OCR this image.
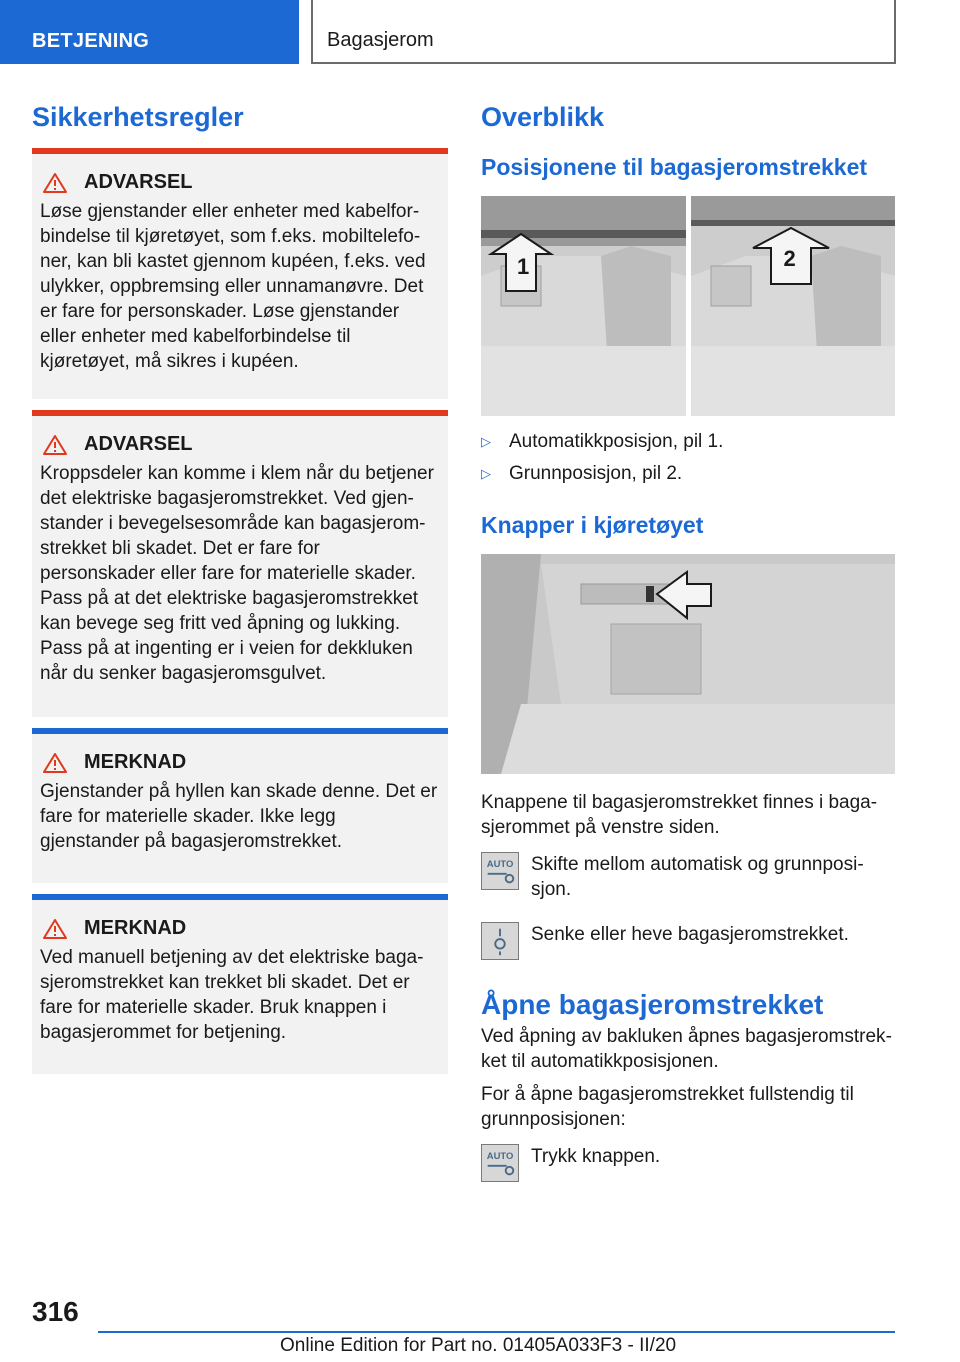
BETJENING	Bagasjerom
Sikkerhetsregler
ADVARSEL
Løse gjenstander eller enheter med kabelforbindelse til kjøretøyet, som f.eks. mobiltelefoner, kan bli kastet gjennom kupéen, f.eks. ved ulykker, oppbremsing eller unnamanøvre. Det er fare for personskader. Løse gjenstander eller enheter med kabelforbindelse til kjøretøyet, må sikres i kupéen.
ADVARSEL
Kroppsdeler kan komme i klem når du betjener det elektriske bagasjeromstrekket. Ved gjenstander i bevegelsesområde kan bagasjeromstrekket bli skadet. Det er fare for personskader eller fare for materielle skader. Pass på at det elektriske bagasjeromstrekket kan bevege seg fritt ved åpning og lukking. Pass på at ingenting er i veien for dekkluken når du senker bagasjeromsgulvet.
MERKNAD
Gjenstander på hyllen kan skade denne. Det er fare for materielle skader. Ikke legg gjenstander på bagasjeromstrekket.
MERKNAD
Ved manuell betjening av det elektriske bagasjeromstrekket kan trekket bli skadet. Det er fare for materielle skader. Bruk knappen i bagasjerommet for betjening.
Overblikk
Posisjonene til bagasjeromstrekket
1	2
▷ Automatikkposisjon, pil 1.
▷ Grunnposisjon, pil 2.
Knapper i kjøretøyet

Knappene til bagasjeromstrekket finnes i bagasjerommet på venstre siden.

AUTO Skifte mellom automatisk og grunnposisjon.
Senke eller heve bagasjeromstrekket.
Åpne bagasjeromstrekket

Ved åpning av bakluken åpnes bagasjeromstrekket til automatikkposisjonen.

For å åpne bagasjeromstrekket fullstendig til grunnposisjonen:

AUTO Trykk knappen.
316
Online Edition for Part no. 01405A033F3 - II/20
